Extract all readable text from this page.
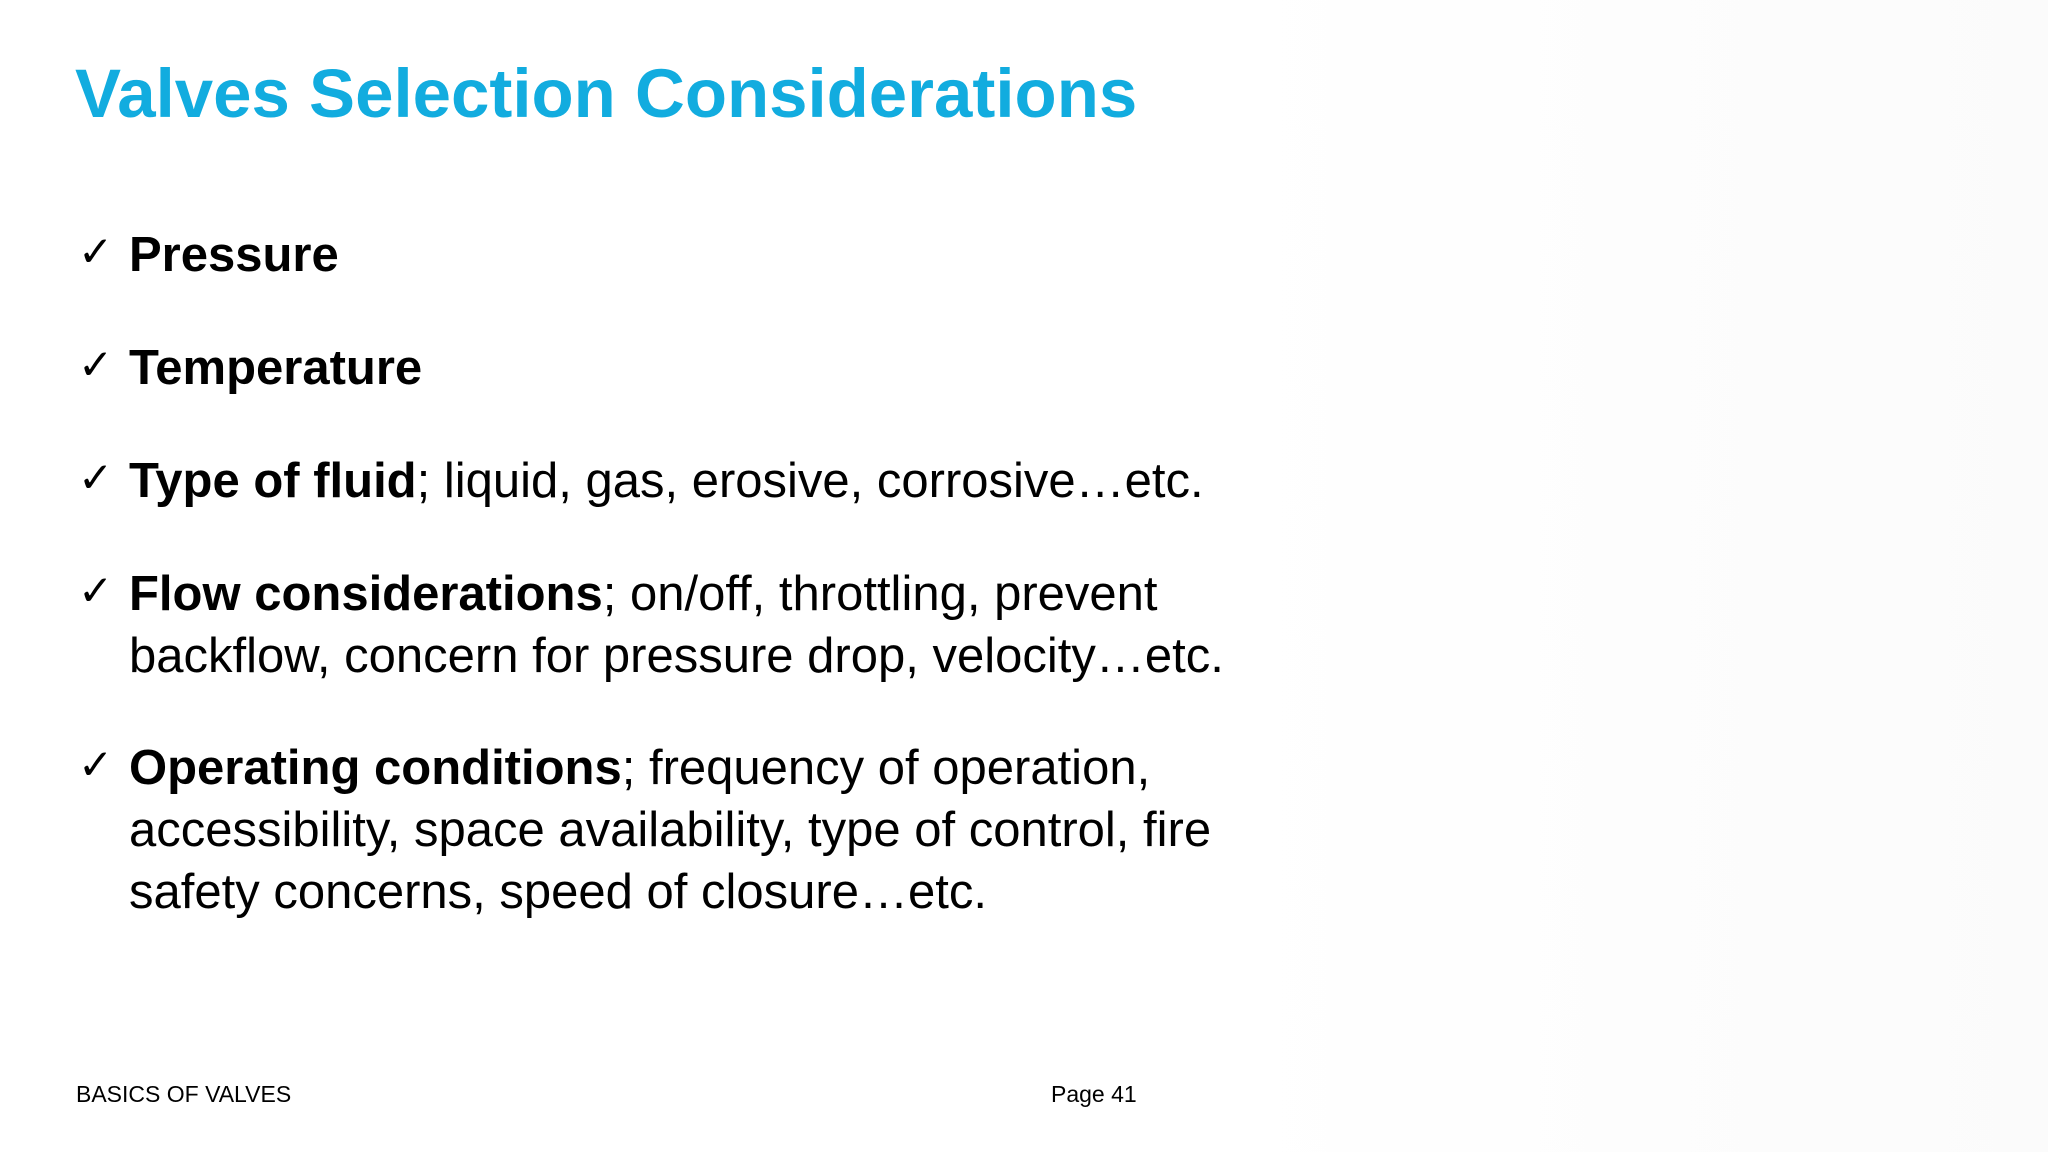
Valves Selection Considerations
✓ Pressure
✓ Temperature
✓ Type of fluid; liquid, gas, erosive, corrosive…etc.
✓ Flow considerations; on/off, throttling, prevent backflow, concern for pressure drop, velocity…etc.
✓ Operating conditions; frequency of operation, accessibility, space availability, type of control, fire safety concerns, speed of closure…etc.
BASICS OF VALVES	Page 41
